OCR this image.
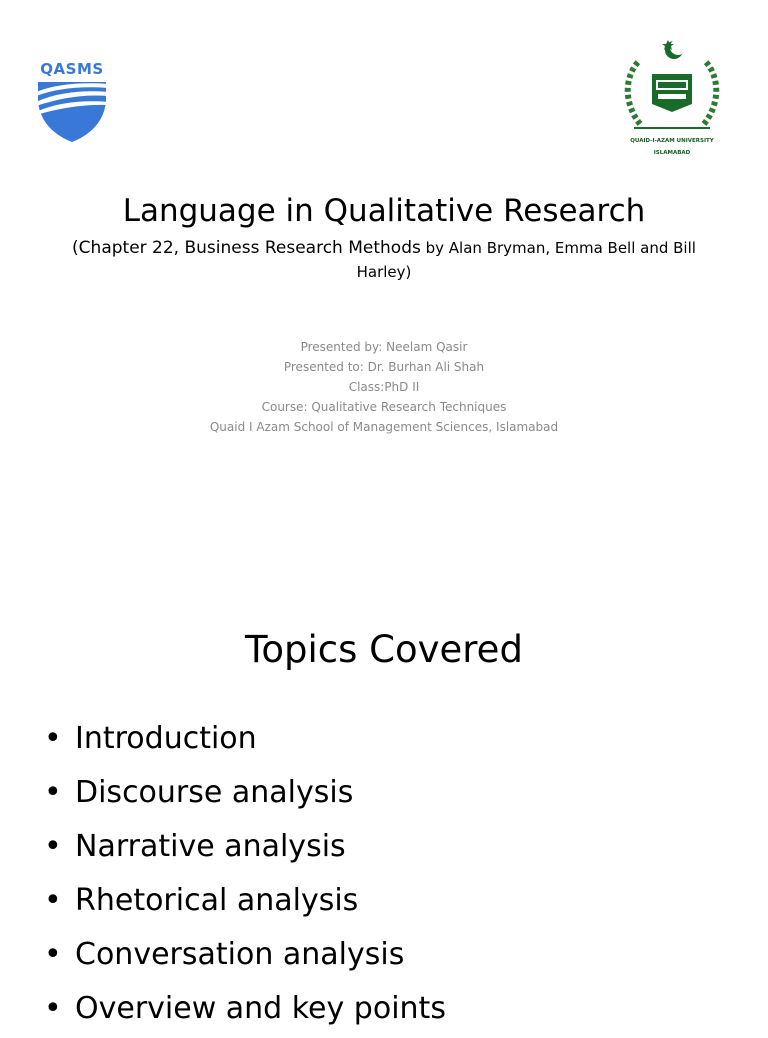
QASMS
QUAID-I-AZAM UNIVERSITY
ISLAMABAD
Language in Qualitative Research
(Chapter 22, Business Research Methods by Alan Bryman, Emma Bell and Bill Harley)
Presented by: Neelam Qasir
Presented to: Dr. Burhan Ali Shah
Class:PhD II
Course: Qualitative Research Techniques
Quaid I Azam School of Management Sciences, Islamabad
Topics Covered
• Introduction
• Discourse analysis
• Narrative analysis
• Rhetorical analysis
• Conversation analysis
• Overview and key points
